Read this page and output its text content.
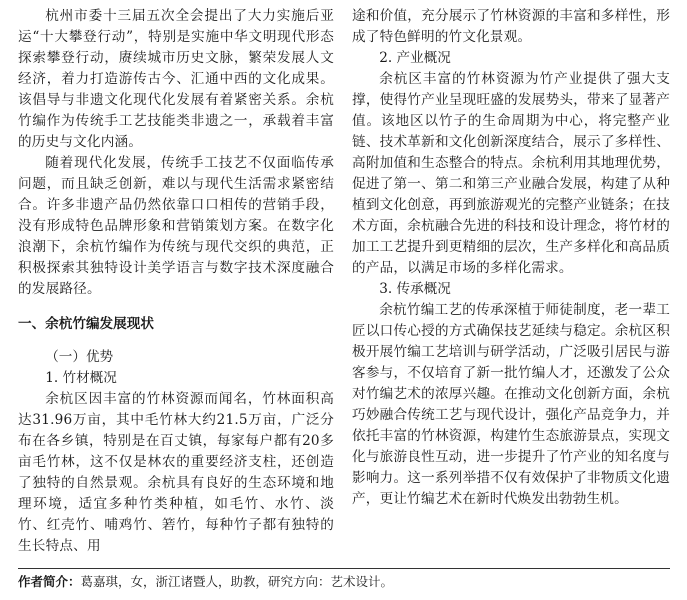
杭州市委十三届五次全会提出了大力实施后亚运“十大攀登行动”，特别是实施中华文明现代形态探索攀登行动，赓续城市历史文脉，繁荣发展人文经济，着力打造游传古今、汇通中西的文化成果。该倡导与非遗文化现代化发展有着紧密关系。余杭竹编作为传统手工艺技能类非遗之一，承载着丰富的历史与文化内涵。

随着现代化发展，传统手工技艺不仅面临传承问题，而且缺乏创新，难以与现代生活需求紧密结合。许多非遗产品仍然依靠口口相传的营销手段，没有形成特色品牌形象和营销策划方案。在数字化浪潮下，余杭竹编作为传统与现代交织的典范，正积极探索其独特设计美学语言与数字技术深度融合的发展路径。

一、余杭竹编发展现状
（一）优势
1. 竹材概况

余杭区因丰富的竹林资源而闻名，竹林面积高达31.96万亩，其中毛竹林大约21.5万亩，广泛分布在各乡镇，特别是在百丈镇，每家每户都有20多亩毛竹林，这不仅是林农的重要经济支柱，还创造了独特的自然景观。余杭具有良好的生态环境和地理环境，适宜多种竹类种植，如毛竹、水竹、淡竹、红壳竹、哺鸡竹、箬竹，每种竹子都有独特的生长特点、用

途和价值，充分展示了竹林资源的丰富和多样性，形成了特色鲜明的竹文化景观。

2. 产业概况

余杭区丰富的竹林资源为竹产业提供了强大支撑，使得竹产业呈现旺盛的发展势头，带来了显著产值。该地区以竹子的生命周期为中心，将完整产业链、技术革新和文化创新深度结合，展示了多样性、高附加值和生态整合的特点。余杭利用其地理优势，促进了第一、第二和第三产业融合发展，构建了从种植到文化创意，再到旅游观光的完整产业链条；在技术方面，余杭融合先进的科技和设计理念，将竹材的加工工艺提升到更精细的层次，生产多样化和高品质的产品，以满足市场的多样化需求。

3. 传承概况

余杭竹编工艺的传承深植于师徒制度，老一辈工匠以口传心授的方式确保技艺延续与稳定。余杭区积极开展竹编工艺培训与研学活动，广泛吸引居民与游客参与，不仅培育了新一批竹编人才，还激发了公众对竹编艺术的浓厚兴趣。在推动文化创新方面，余杭巧妙融合传统工艺与现代设计，强化产品竞争力，并依托丰富的竹林资源，构建竹生态旅游景点，实现文化与旅游良性互动，进一步提升了竹产业的知名度与影响力。这一系列举措不仅有效保护了非物质文化遗产，更让竹编艺术在新时代焕发出勃勃生机。

作者简介：葛嘉琪，女，浙江诸暨人，助教，研究方向：艺术设计。
